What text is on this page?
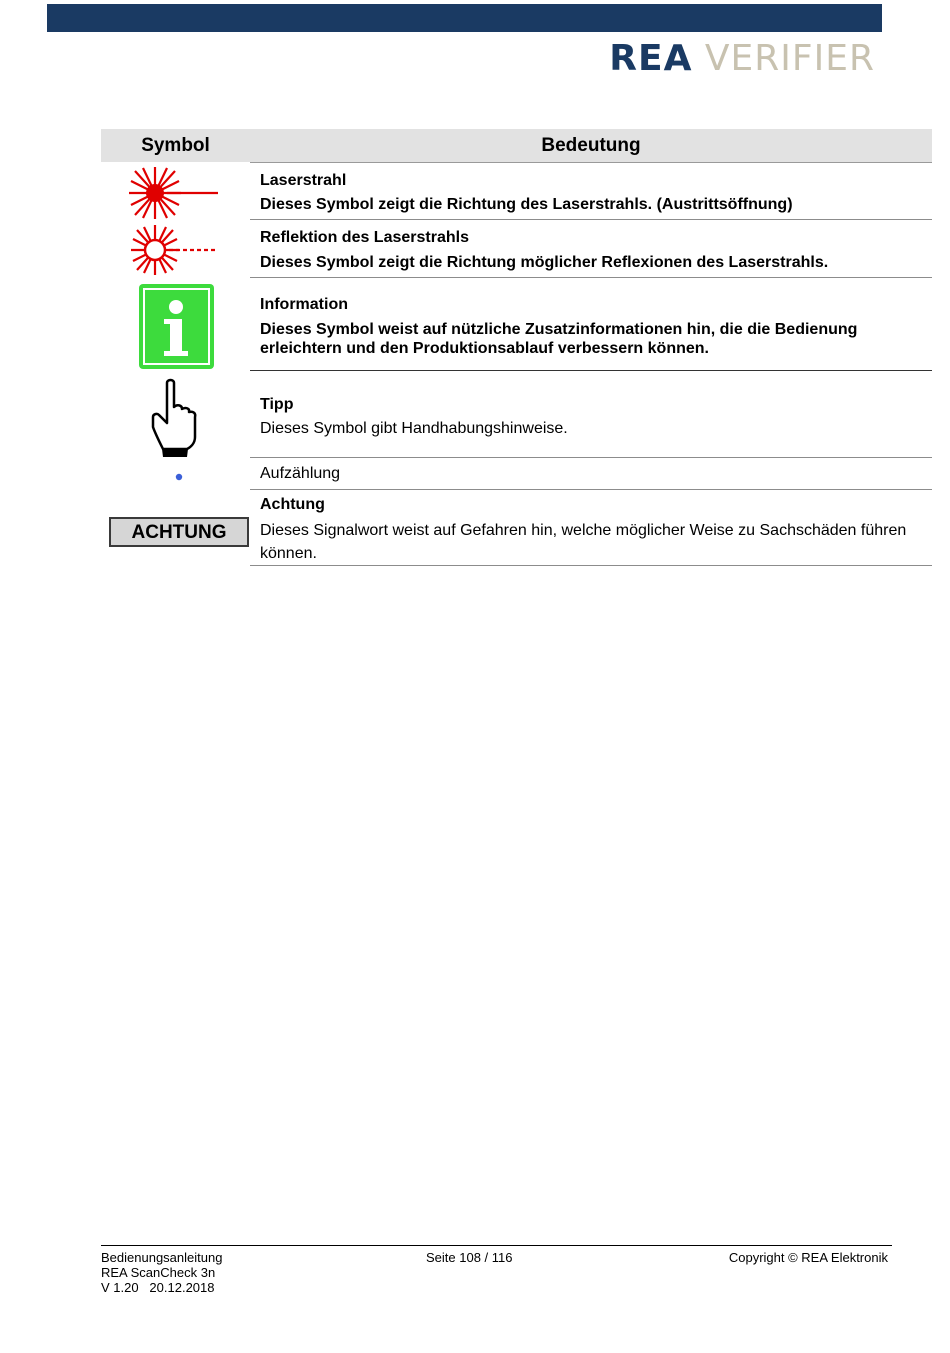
REA VERIFIER
Symbol	Bedeutung
Laserstrahl
Dieses Symbol zeigt die Richtung des Laserstrahls. (Austrittsöffnung)
Reflektion des Laserstrahls
Dieses Symbol zeigt die Richtung möglicher Reflexionen des Laserstrahls.
Information
Dieses Symbol weist auf nützliche Zusatzinformationen hin, die die Bedienung erleichtern und den Produktionsablauf verbessern können.
Tipp
Dieses Symbol gibt Handhabungshinweise.
Aufzählung
ACHTUNG
Achtung
Dieses Signalwort weist auf Gefahren hin, welche möglicher Weise zu Sachschäden führen können.
Bedienungsanleitung
REA ScanCheck 3n
V 1.20   20.12.2018
Seite 108 / 116	Copyright © REA Elektronik
